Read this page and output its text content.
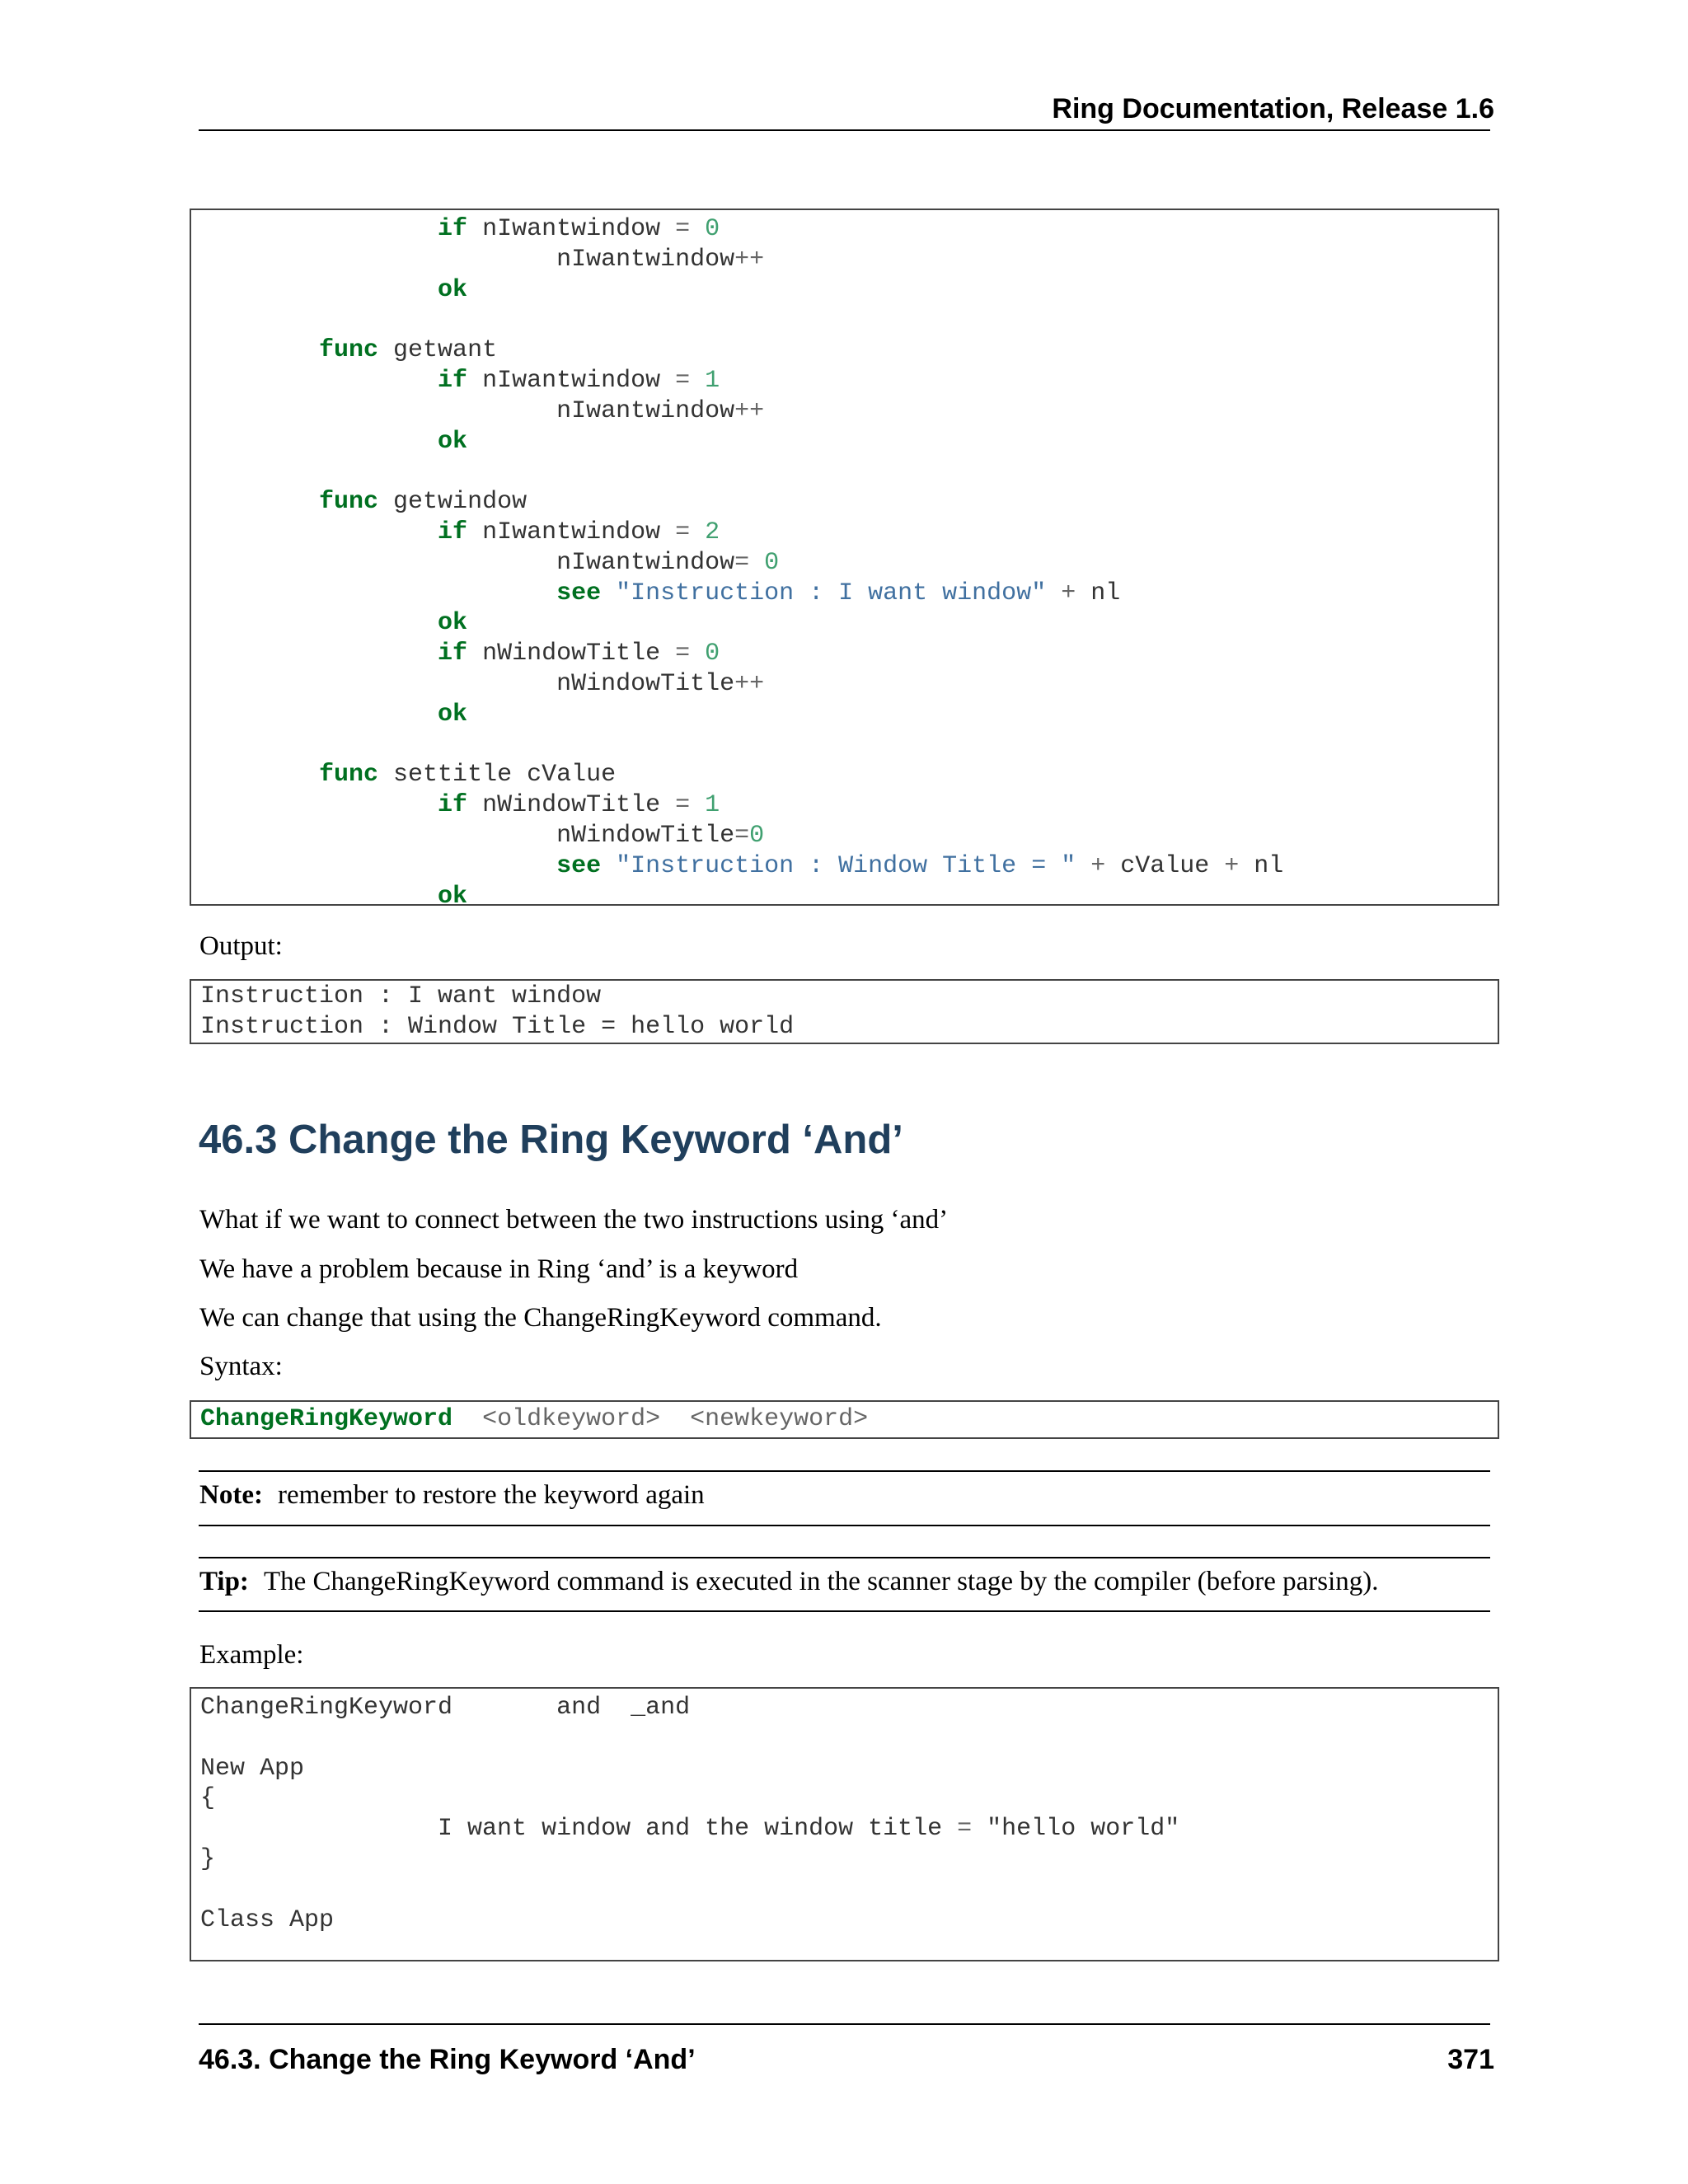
Ring Documentation, Release 1.6
if nIwantwindow = 0
nIwantwindow++
ok

func getwant
if nIwantwindow = 1
nIwantwindow++
ok

func getwindow
if nIwantwindow = 2
nIwantwindow= 0
see "Instruction : I want window" + nl
ok
if nWindowTitle = 0
nWindowTitle++
ok

func settitle cValue
if nWindowTitle = 1
nWindowTitle=0
see "Instruction : Window Title = " + cValue + nl
ok
Output:
Instruction : I want window
Instruction : Window Title = hello world
46.3 Change the Ring Keyword ‘And’
What if we want to connect between the two instructions using ‘and’
We have a problem because in Ring ‘and’ is a keyword
We can change that using the ChangeRingKeyword command.
Syntax:
ChangeRingKeyword  <oldkeyword>  <newkeyword>
Note: remember to restore the keyword again
Tip: The ChangeRingKeyword command is executed in the scanner stage by the compiler (before parsing).
Example:
ChangeRingKeyword       and  _and

New App
{
I want window and the window title = "hello world"
}

Class App
46.3. Change the Ring Keyword ‘And’	371
